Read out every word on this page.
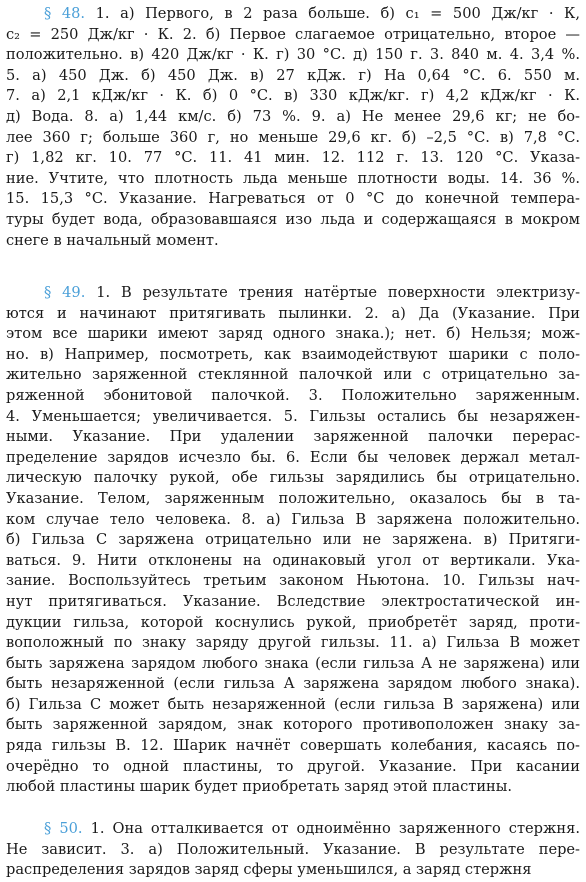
§ 48. 1. а) Первого, в 2 раза больше. б) c₁ = 500 Дж/кг · К,
c₂ = 250 Дж/кг · К. 2. б) Первое слагаемое отрицательно, второе —
положительно. в) 420 Дж/кг · К. г) 30 °С. д) 150 г. 3. 840 м. 4. 3,4 %.
5. а) 450 Дж. б) 450 Дж. в) 27 кДж. г) На 0,64 °С. 6. 550 м.
7. а) 2,1 кДж/кг · К. б) 0 °С. в) 330 кДж/кг. г) 4,2 кДж/кг · К.
д) Вода. 8. а) 1,44 км/с. б) 73 %. 9. а) Не менее 29,6 кг; не бо-
лее 360 г; больше 360 г, но меньше 29,6 кг. б) –2,5 °С. в) 7,8 °С.
г) 1,82 кг. 10. 77 °С. 11. 41 мин. 12. 112 г. 13. 120 °С. Указа-
ние. Учтите, что плотность льда меньше плотности воды. 14. 36 %.
15. 15,3 °С. Указание. Нагреваться от 0 °С до конечной темпера-
туры будет вода, образовавшаяся изо льда и содержащаяся в мокром
снеге в начальный момент.
§ 49. 1. В результате трения натёртые поверхности электризу-
ются и начинают притягивать пылинки. 2. а) Да (Указание. При
этом все шарики имеют заряд одного знака.); нет. б) Нельзя; мож-
но. в) Например, посмотреть, как взаимодействуют шарики с поло-
жительно заряженной стеклянной палочкой или с отрицательно за-
ряженной эбонитовой палочкой. 3. Положительно заряженным.
4. Уменьшается; увеличивается. 5. Гильзы остались бы незаряжен-
ными. Указание. При удалении заряженной палочки перерас-
пределение зарядов исчезло бы. 6. Если бы человек держал метал-
лическую палочку рукой, обе гильзы зарядились бы отрицательно.
Указание. Телом, заряженным положительно, оказалось бы в та-
ком случае тело человека. 8. а) Гильза В заряжена положительно.
б) Гильза С заряжена отрицательно или не заряжена. в) Притяги-
ваться. 9. Нити отклонены на одинаковый угол от вертикали. Ука-
зание. Воспользуйтесь третьим законом Ньютона. 10. Гильзы нач-
нут притягиваться. Указание. Вследствие электростатической ин-
дукции гильза, которой коснулись рукой, приобретёт заряд, проти-
воположный по знаку заряду другой гильзы. 11. а) Гильза В может
быть заряжена зарядом любого знака (если гильза А не заряжена) или
быть незаряженной (если гильза А заряжена зарядом любого знака).
б) Гильза С может быть незаряженной (если гильза В заряжена) или
быть заряженной зарядом, знак которого противоположен знаку за-
ряда гильзы В. 12. Шарик начнёт совершать колебания, касаясь по-
очерёдно то одной пластины, то другой. Указание. При касании
любой пластины шарик будет приобретать заряд этой пластины.
§ 50. 1. Она отталкивается от одноимённо заряженного стержня.
Не зависит. 3. а) Положительный. Указание. В результате пере-
распределения зарядов заряд сферы уменьшился, а заряд стержня
